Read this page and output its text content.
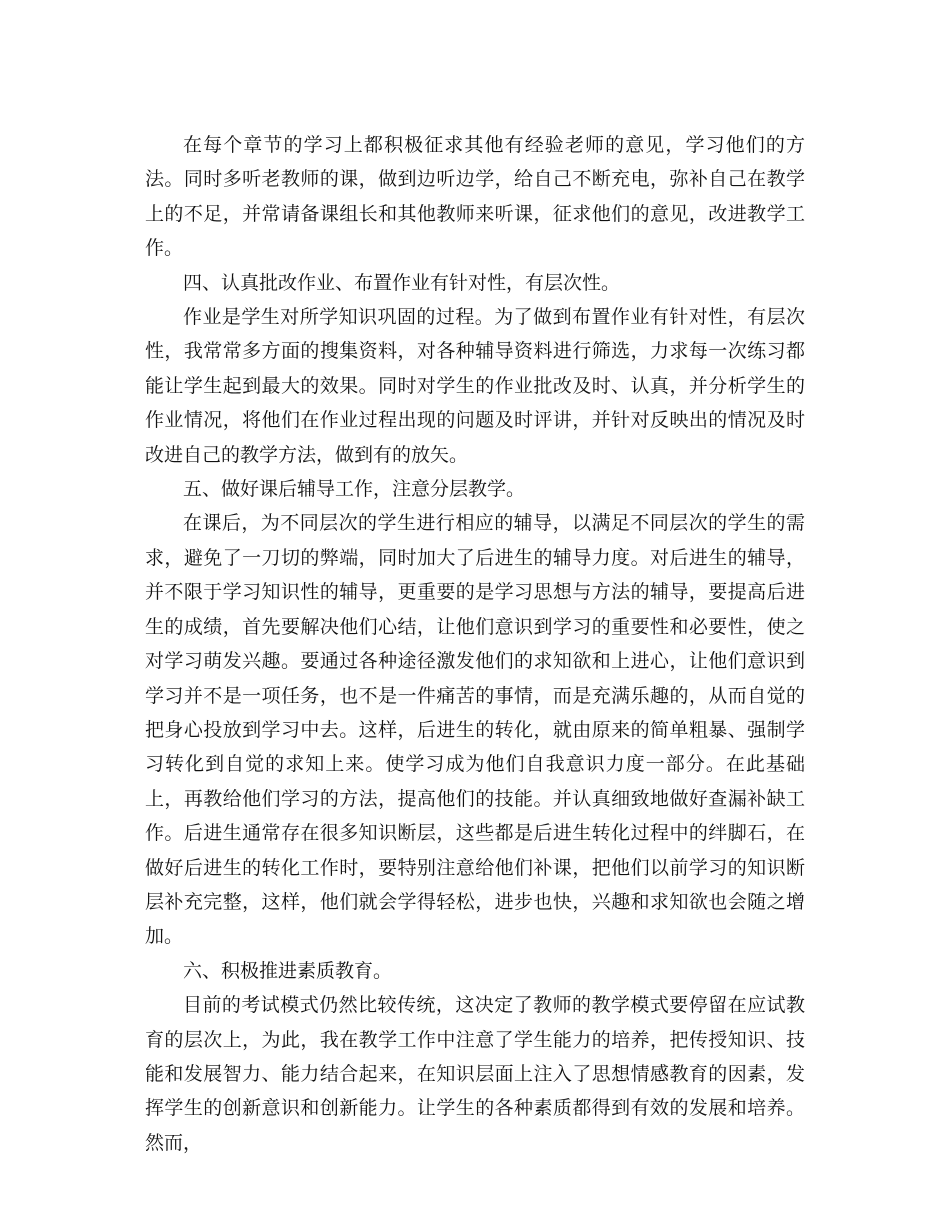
在每个章节的学习上都积极征求其他有经验老师的意见，学习他们的方法。同时多听老教师的课，做到边听边学，给自己不断充电，弥补自己在教学上的不足，并常请备课组长和其他教师来听课，征求他们的意见，改进教学工作。

四、认真批改作业、布置作业有针对性，有层次性。

作业是学生对所学知识巩固的过程。为了做到布置作业有针对性，有层次性，我常常多方面的搜集资料，对各种辅导资料进行筛选，力求每一次练习都能让学生起到最大的效果。同时对学生的作业批改及时、认真，并分析学生的作业情况，将他们在作业过程出现的问题及时评讲，并针对反映出的情况及时改进自己的教学方法，做到有的放矢。

五、做好课后辅导工作，注意分层教学。

在课后，为不同层次的学生进行相应的辅导，以满足不同层次的学生的需求，避免了一刀切的弊端，同时加大了后进生的辅导力度。对后进生的辅导，并不限于学习知识性的辅导，更重要的是学习思想与方法的辅导，要提高后进生的成绩，首先要解决他们心结，让他们意识到学习的重要性和必要性，使之对学习萌发兴趣。要通过各种途径激发他们的求知欲和上进心，让他们意识到学习并不是一项任务，也不是一件痛苦的事情，而是充满乐趣的，从而自觉的把身心投放到学习中去。这样，后进生的转化，就由原来的简单粗暴、强制学习转化到自觉的求知上来。使学习成为他们自我意识力度一部分。在此基础上，再教给他们学习的方法，提高他们的技能。并认真细致地做好查漏补缺工作。后进生通常存在很多知识断层，这些都是后进生转化过程中的绊脚石，在做好后进生的转化工作时，要特别注意给他们补课，把他们以前学习的知识断层补充完整，这样，他们就会学得轻松，进步也快，兴趣和求知欲也会随之增加。

六、积极推进素质教育。

目前的考试模式仍然比较传统，这决定了教师的教学模式要停留在应试教育的层次上，为此，我在教学工作中注意了学生能力的培养，把传授知识、技能和发展智力、能力结合起来，在知识层面上注入了思想情感教育的因素，发挥学生的创新意识和创新能力。让学生的各种素质都得到有效的发展和培养。 然而，
